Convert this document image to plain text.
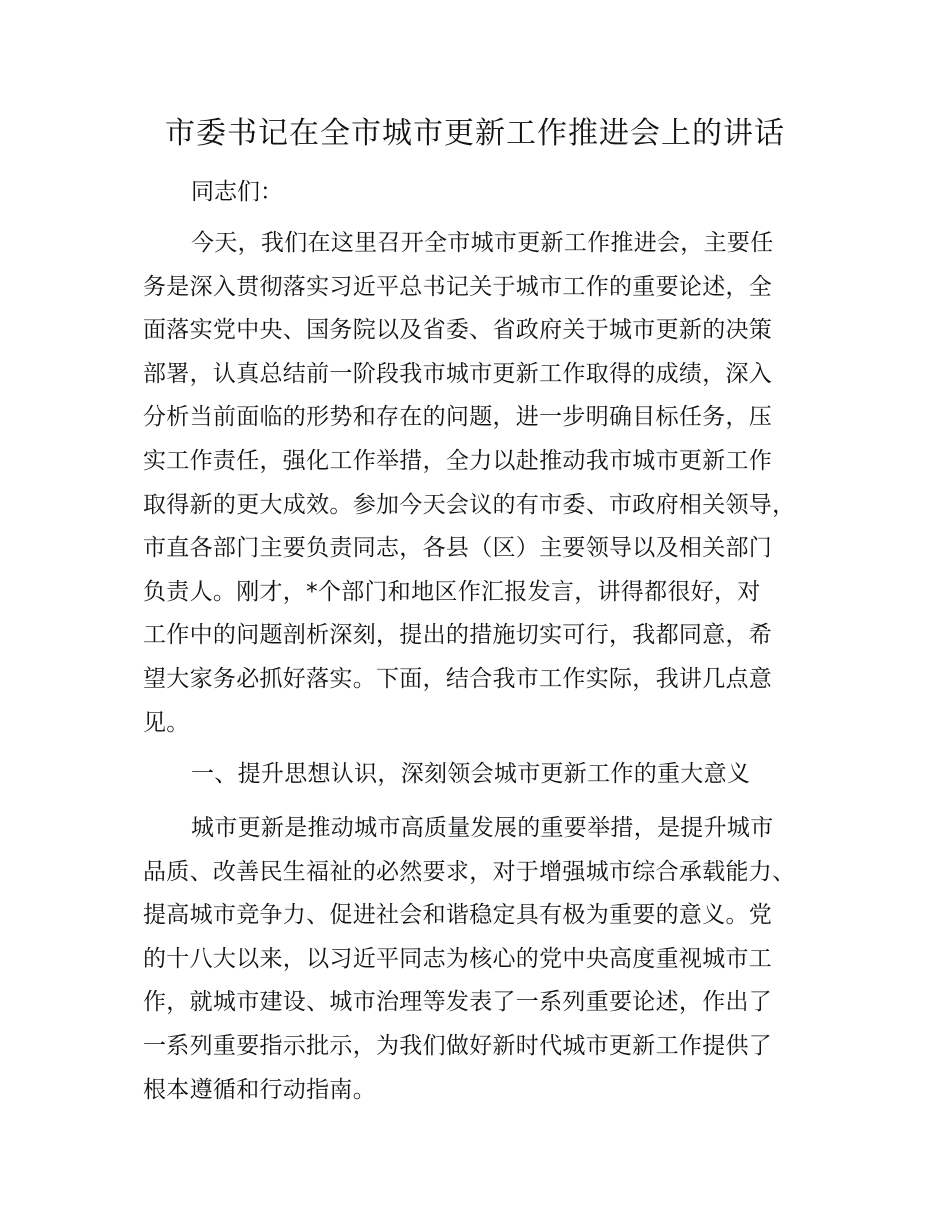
市委书记在全市城市更新工作推进会上的讲话
同志们：
今天，我们在这里召开全市城市更新工作推进会，主要任
务是深入贯彻落实习近平总书记关于城市工作的重要论述，全
面落实党中央、国务院以及省委、省政府关于城市更新的决策
部署，认真总结前一阶段我市城市更新工作取得的成绩，深入
分析当前面临的形势和存在的问题，进一步明确目标任务，压
实工作责任，强化工作举措，全力以赴推动我市城市更新工作
取得新的更大成效。参加今天会议的有市委、市政府相关领导，
市直各部门主要负责同志，各县（区）主要领导以及相关部门
负责人。刚才，*个部门和地区作汇报发言，讲得都很好，对
工作中的问题剖析深刻，提出的措施切实可行，我都同意，希
望大家务必抓好落实。下面，结合我市工作实际，我讲几点意
见。
一、提升思想认识，深刻领会城市更新工作的重大意义
城市更新是推动城市高质量发展的重要举措，是提升城市
品质、改善民生福祉的必然要求，对于增强城市综合承载能力、
提高城市竞争力、促进社会和谐稳定具有极为重要的意义。党
的十八大以来，以习近平同志为核心的党中央高度重视城市工
作，就城市建设、城市治理等发表了一系列重要论述，作出了
一系列重要指示批示，为我们做好新时代城市更新工作提供了
根本遵循和行动指南。
